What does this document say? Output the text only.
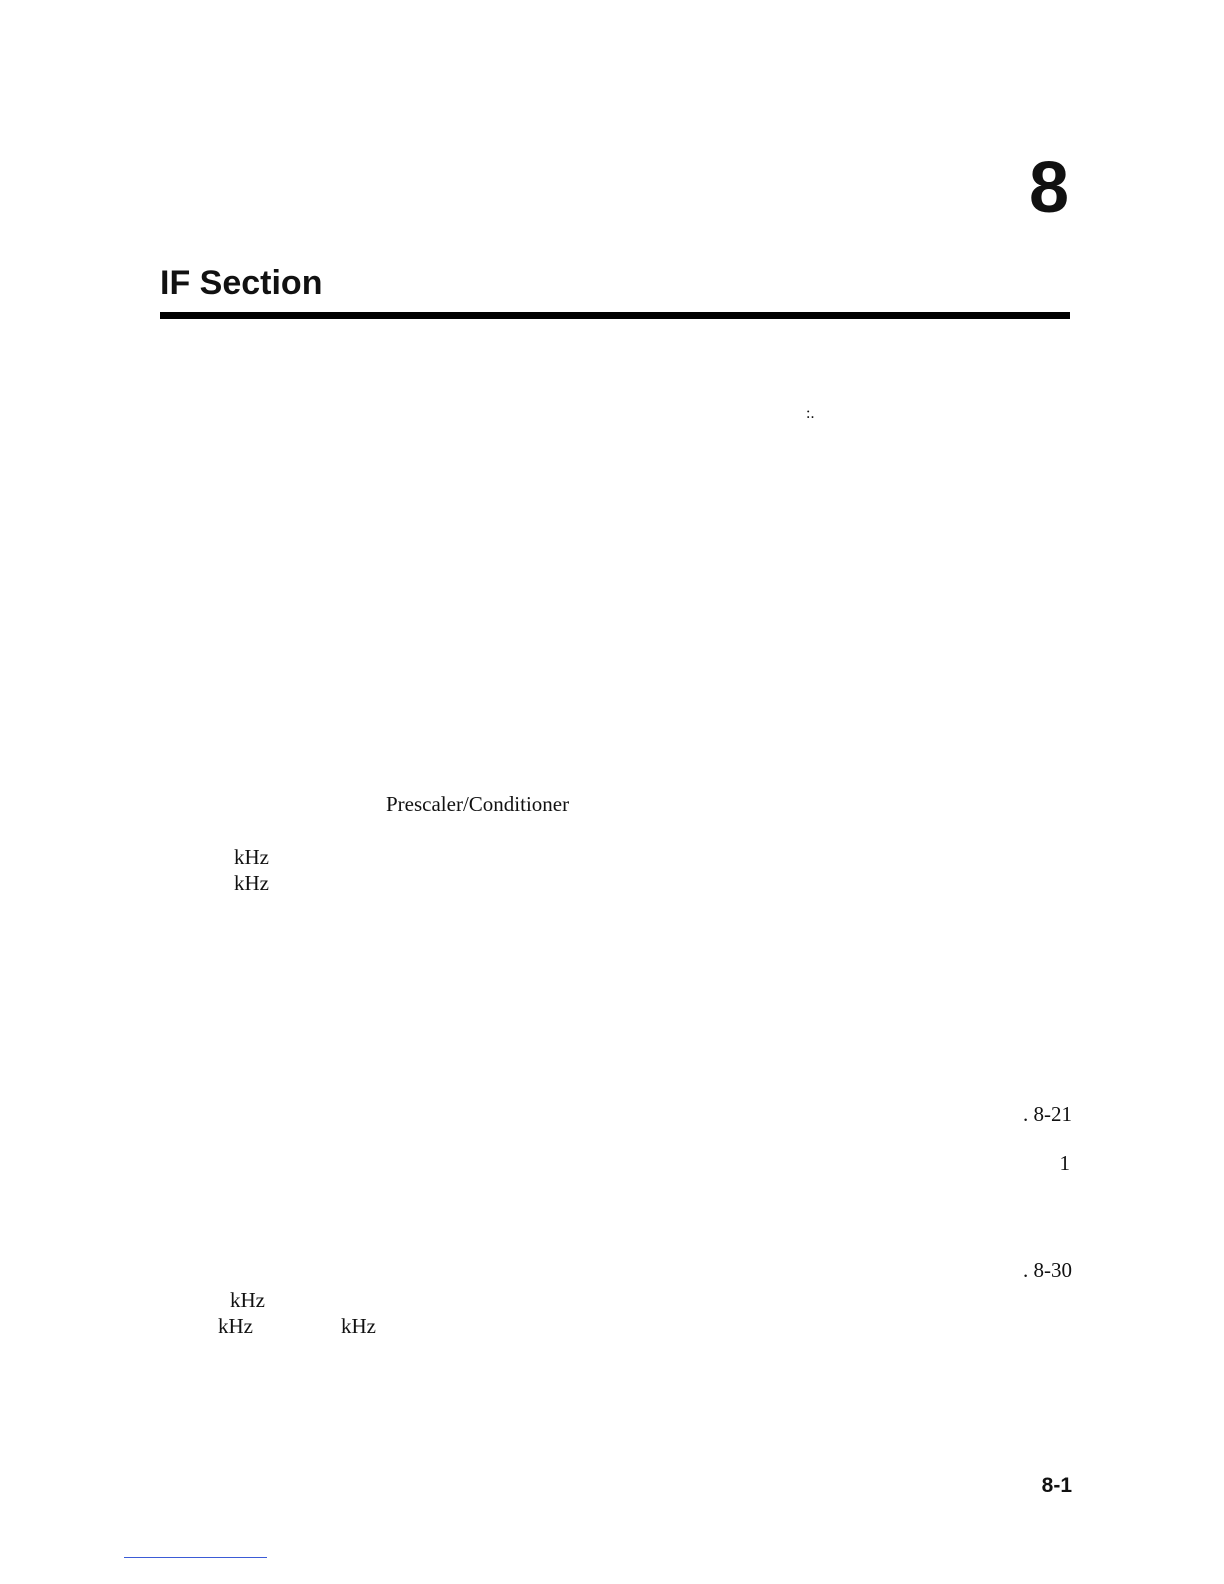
8
IF Section
:.
Prescaler/Conditioner
kHz
kHz
. 8-21
1
. 8-30
kHz
kHz	kHz
8-1
